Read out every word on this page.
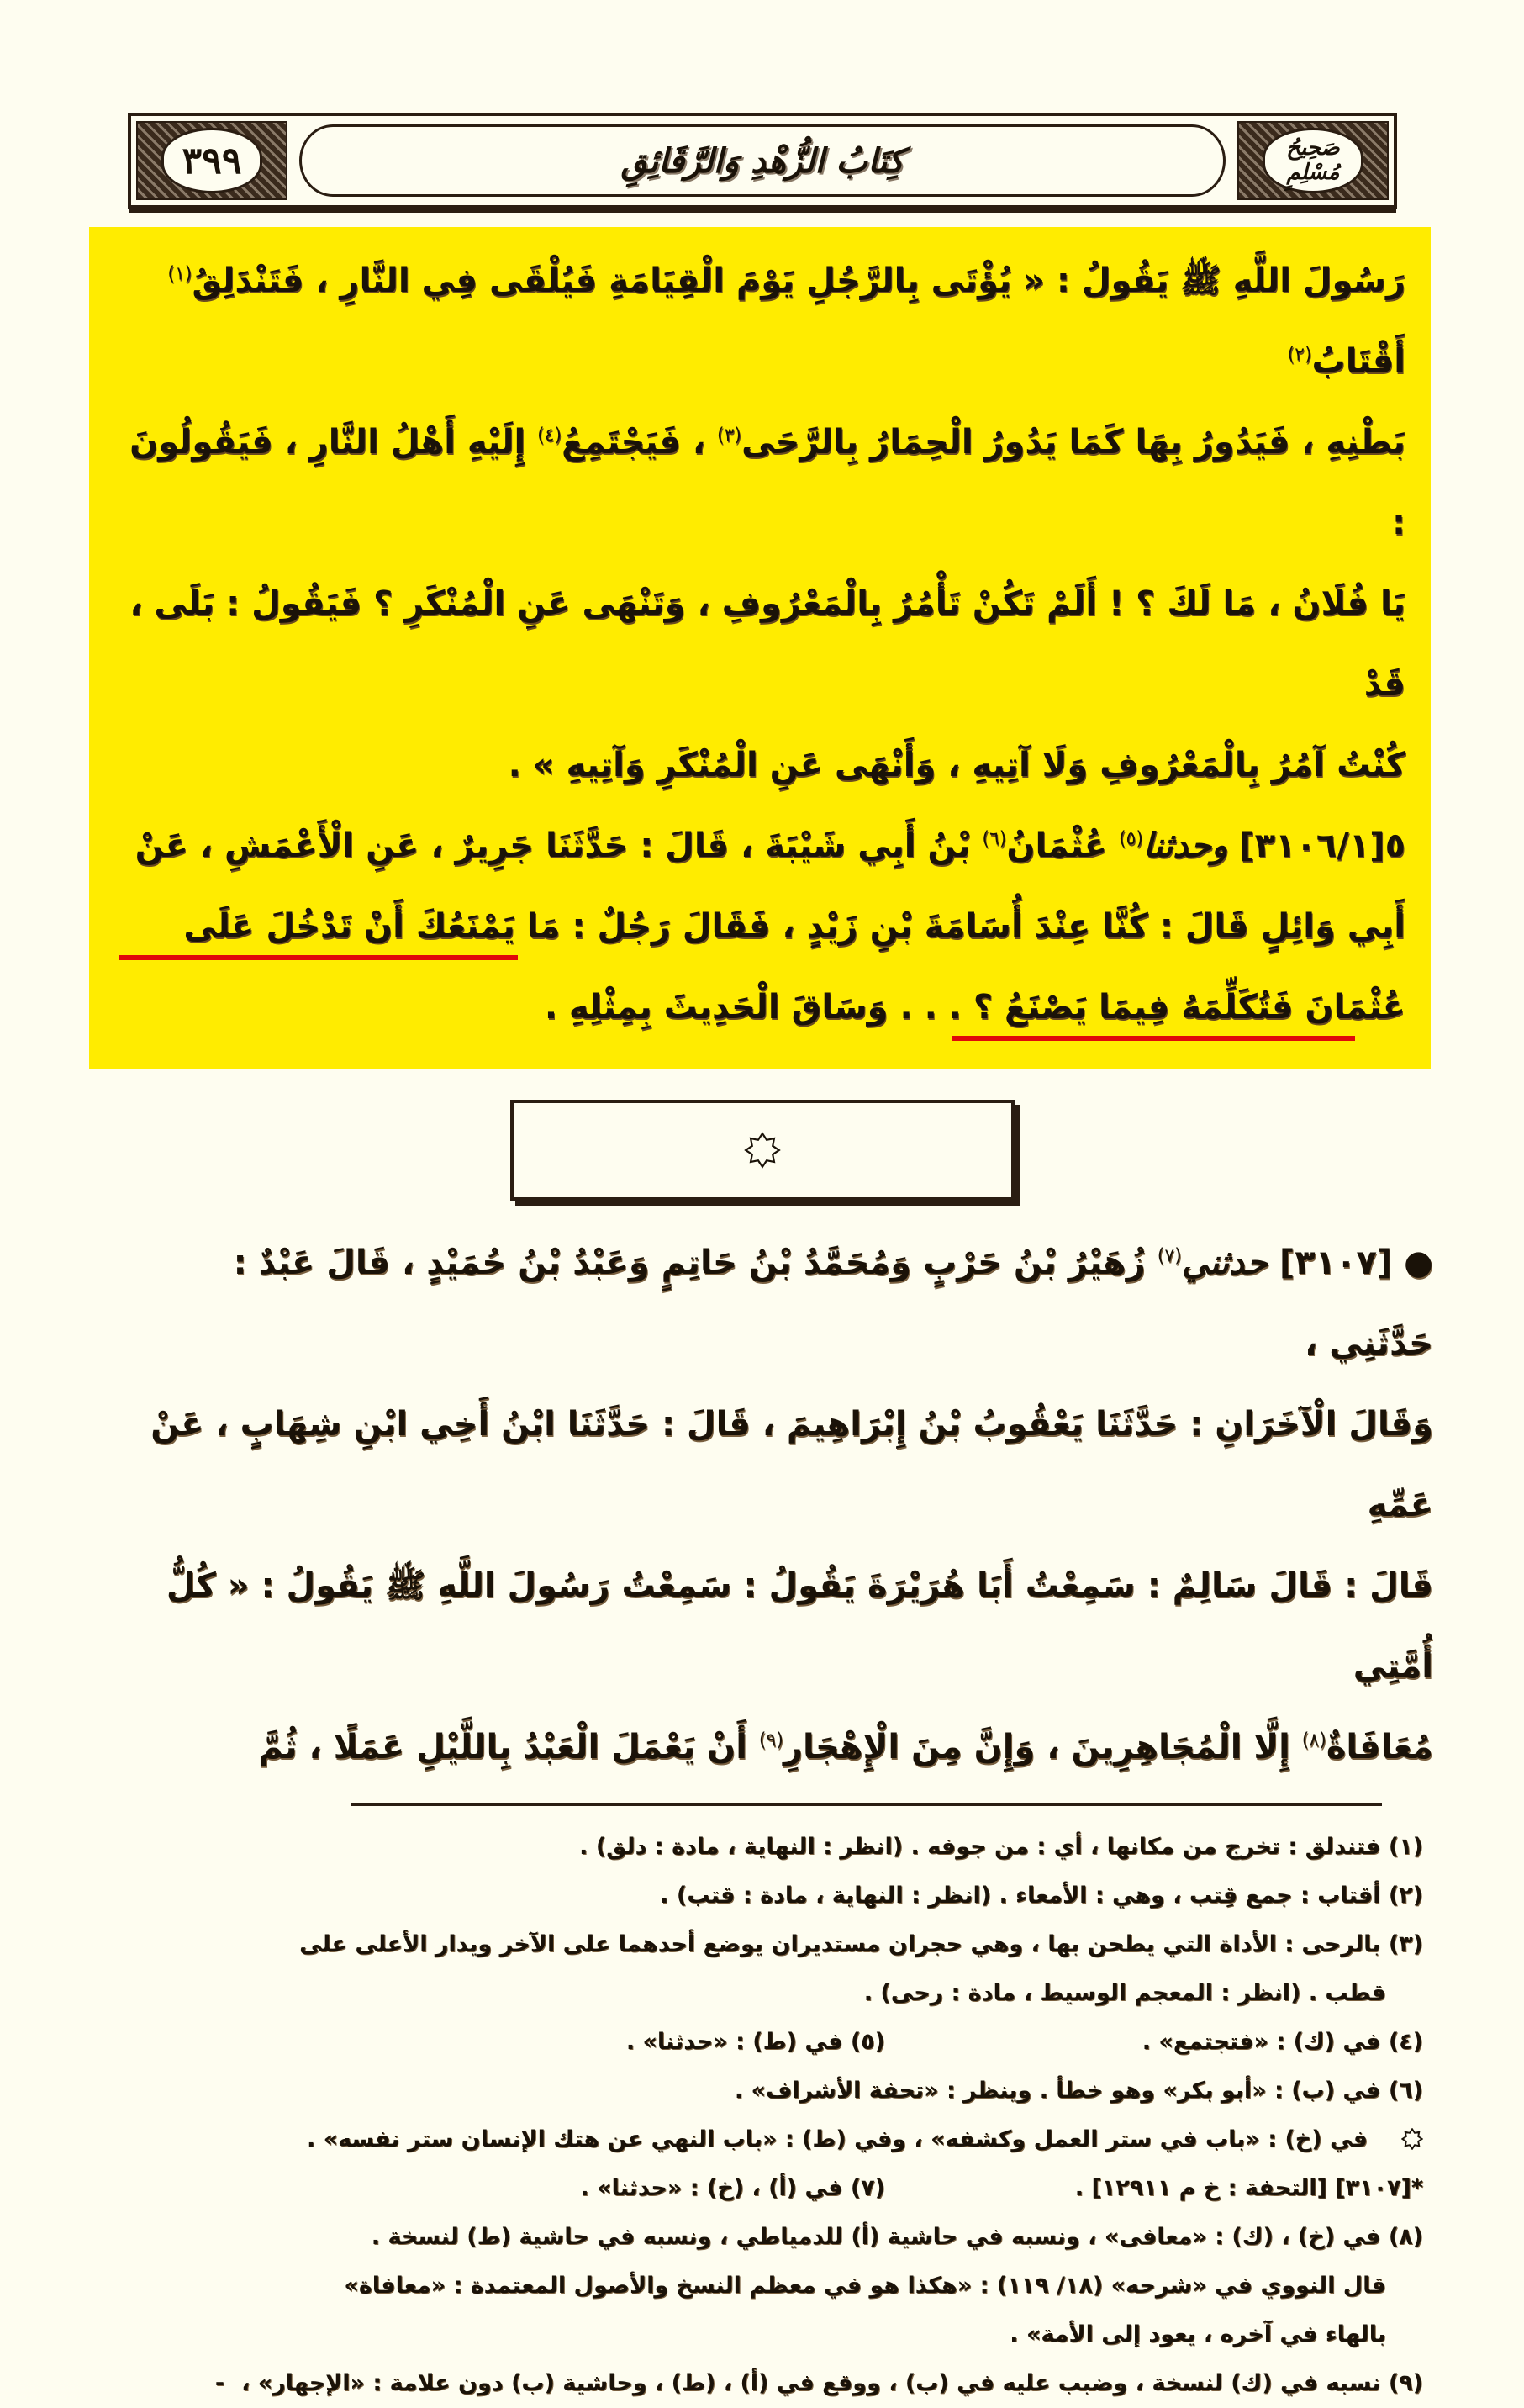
٣٩٩	كِتَابُ الزُّهْدِ وَالرَّقَائِقِ	صَحِيحُ مُسْلِمٍ
رَسُولَ اللَّهِ ﷺ يَقُولُ : « يُؤْتَى بِالرَّجُلِ يَوْمَ الْقِيَامَةِ فَيُلْقَى فِي النَّارِ ، فَتَنْدَلِقُ$^{(١)}$ أَقْتَابُ$^{(٢)}$
بَطْنِهِ ، فَيَدُورُ بِهَا كَمَا يَدُورُ الْحِمَارُ بِالرَّحَى$^{(٣)}$ ، فَيَجْتَمِعُ$^{(٤)}$ إِلَيْهِ أَهْلُ النَّارِ ، فَيَقُولُونَ :
يَا فُلَانُ ، مَا لَكَ ؟ ! أَلَمْ تَكُنْ تَأْمُرُ بِالْمَعْرُوفِ ، وَتَنْهَى عَنِ الْمُنْكَرِ ؟ فَيَقُولُ : بَلَى ، قَدْ
كُنْتُ آمُرُ بِالْمَعْرُوفِ وَلَا آتِيهِ ، وَأَنْهَى عَنِ الْمُنْكَرِ وَآتِيهِ » .
٥[٣١٠٦/١] وحدثنا$^{(٥)}$ عُثْمَانُ$^{(٦)}$ بْنُ أَبِي شَيْبَةَ ، قَالَ : حَدَّثَنَا جَرِيرٌ ، عَنِ الْأَعْمَشِ ، عَنْ
أَبِي وَائِلٍ قَالَ : كُنَّا عِنْدَ أُسَامَةَ بْنِ زَيْدٍ ، فَقَالَ رَجُلٌ : مَا يَمْنَعُكَ أَنْ تَدْخُلَ عَلَى
عُثْمَانَ فَتُكَلِّمَهُ فِيمَا يَصْنَعُ ؟ . . . وَسَاقَ الْحَدِيثَ بِمِثْلِهِ .
● [٣١٠٧] حدثني$^{(٧)}$ زُهَيْرُ بْنُ حَرْبٍ وَمُحَمَّدُ بْنُ حَاتِمٍ وَعَبْدُ بْنُ حُمَيْدٍ ، قَالَ عَبْدٌ : حَدَّثَنِي ،
وَقَالَ الْآخَرَانِ : حَدَّثَنَا يَعْقُوبُ بْنُ إِبْرَاهِيمَ ، قَالَ : حَدَّثَنَا ابْنُ أَخِي ابْنِ شِهَابٍ ، عَنْ عَمِّهِ
قَالَ : قَالَ سَالِمٌ : سَمِعْتُ أَبَا هُرَيْرَةَ يَقُولُ : سَمِعْتُ رَسُولَ اللَّهِ ﷺ يَقُولُ : « كُلُّ أُمَّتِي
مُعَافَاةٌ$^{(٨)}$ إِلَّا الْمُجَاهِرِينَ ، وَإِنَّ مِنَ الْإِهْجَارِ$^{(٩)}$ أَنْ يَعْمَلَ الْعَبْدُ بِاللَّيْلِ عَمَلًا ، ثُمَّ
(١) فتندلق : تخرج من مكانها ، أي : من جوفه . (انظر : النهاية ، مادة : دلق) .
(٢) أقتاب : جمع قِتب ، وهي : الأمعاء . (انظر : النهاية ، مادة : قتب) .
(٣) بالرحى : الأداة التي يطحن بها ، وهي حجران مستديران يوضع أحدهما على الآخر ويدار الأعلى على
قطب . (انظر : المعجم الوسيط ، مادة : رحى) .
(٤) في (ك) : «فتجتمع» .
(٥) في (ط) : «حدثنا» .
(٦) في (ب) : «أبو بكر» وهو خطأ . وينظر : «تحفة الأشراف» .
في (خ) : «باب في ستر العمل وكشفه» ، وفي (ط) : «باب النهي عن هتك الإنسان ستر نفسه» .
*[٣١٠٧] [التحفة : خ م ١٢٩١١] .
(٧) في (أ) ، (خ) : «حدثنا» .
(٨) في (خ) ، (ك) : «معافى» ، ونسبه في حاشية (أ) للدمياطي ، ونسبه في حاشية (ط) لنسخة .
قال النووي في «شرحه» (١٨/ ١١٩) : «هكذا هو في معظم النسخ والأصول المعتمدة : «معافاة»
بالهاء في آخره ، يعود إلى الأمة» .
(٩) نسبه في (ك) لنسخة ، وضبب عليه في (ب) ، ووقع في (أ) ، (ط) ، وحاشية (ب) دون علامة : «الإجهار» ،-
